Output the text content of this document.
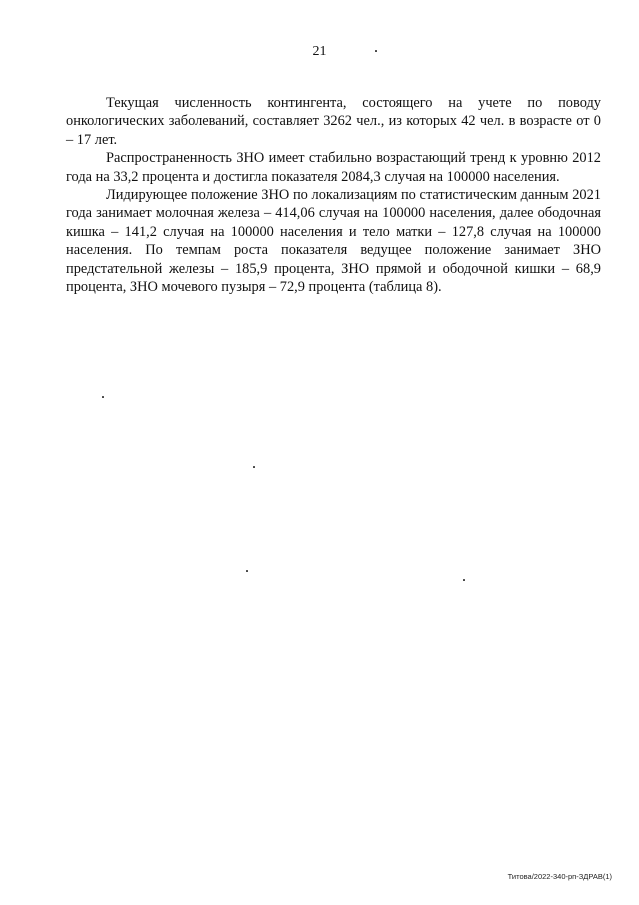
21

Текущая численность контингента, состоящего на учете по поводу онкологических заболеваний, составляет 3262 чел., из которых 42 чел. в возрасте от 0 – 17 лет.

Распространенность ЗНО имеет стабильно возрастающий тренд к уровню 2012 года на 33,2 процента и достигла показателя 2084,3 случая на 100000 населения.

Лидирующее положение ЗНО по локализациям по статистическим данным 2021 года занимает молочная железа – 414,06 случая на 100000 населения, далее ободочная кишка – 141,2 случая на 100000 населения и тело матки – 127,8 случая на 100000 населения. По темпам роста показателя ведущее положение занимает ЗНО предстательной железы – 185,9 процента, ЗНО прямой и ободочной кишки – 68,9 процента, ЗНО мочевого пузыря – 72,9 процента (таблица 8).

Титова/2022-340-рп-ЗДРАВ(1)
